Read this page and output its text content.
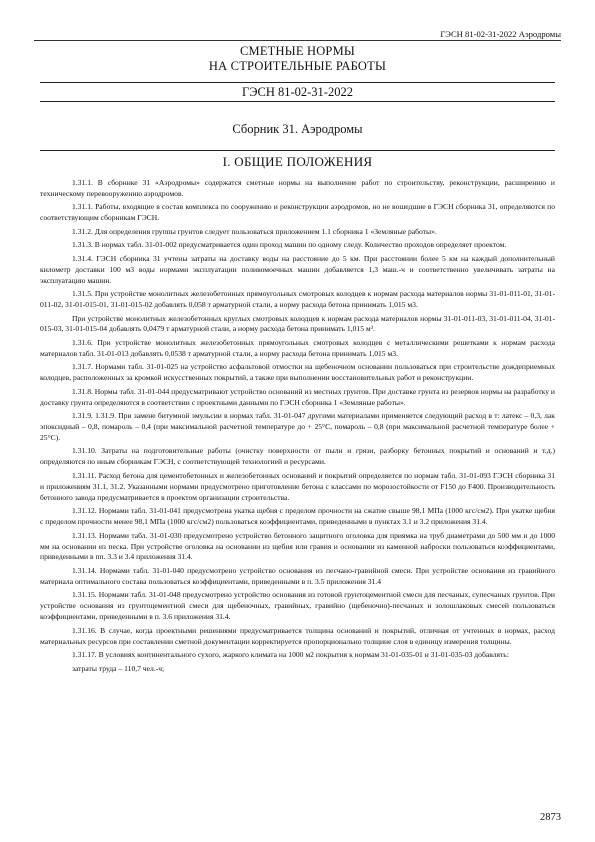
ГЭСН 81-02-31-2022 Аэродромы
СМЕТНЫЕ НОРМЫ
НА СТРОИТЕЛЬНЫЕ РАБОТЫ
ГЭСН 81-02-31-2022
Сборник 31. Аэродромы
I. ОБЩИЕ ПОЛОЖЕНИЯ

1.31.1. В сборнике 31 «Аэродромы» содержатся сметные нормы на выполнение работ по строительству, реконструкции, расширению и техническому перевооружению аэродромов.

1.31.1. Работы, входящие в состав комплекса по сооружению и реконструкции аэродромов, но не вошедшие в ГЭСН сборника 31, определяются по соответствующим сборникам ГЭСН.

1.31.2. Для определения группы грунтов следует пользоваться приложением 1.1 сборника 1 «Земляные работы».

1.31.3. В нормах табл. 31-01-002 предусматривается один проход машин по одному следу. Количество проходов определяет проектом.

1.31.4. ГЭСН сборника 31 учтены затраты на доставку воды на расстояние до 5 км. При расстоянии более 5 км на каждый дополнительный километр доставки 100 м3 воды нормами эксплуатации поливомоечных машин добавляется 1,3 маш.-ч и соответственно увеличивать затраты на эксплуатацию машин.

1.31.5. При устройстве монолитных железобетонных прямоугольных смотровых колодцев к нормам расхода материалов нормы 31-01-011-01, 31-01-011-02, 31-01-015-01, 31-01-015-02 добавлять 0,058 т арматурной стали, а норму расхода бетона принимать 1,015 м3.

При устройстве монолитных железобетонных круглых смотровых колодцев к нормам расхода материалов нормы 31-01-011-03, 31-01-011-04, 31-01-015-03, 31-01-015-04 добавлять 0,0479 т арматурной стали, а норму расхода бетона принимать 1,015 м³.

1.31.6. При устройстве монолитных железобетонных прямоугольных смотровых колодцев с металлическими решетками к нормам расхода материалов табл. 31-01-013 добавлять 0,0538 т арматурной стали, а норму расхода бетона принимать 1,015 м3.

1.31.7. Нормами табл. 31-01-025 на устройство асфальтовой отмостки на щебеночном основании пользоваться при строительстве дождеприемных колодцев, расположенных за кромкой искусственных покрытий, а также при выполнении восстановительных работ и реконструкции.

1.31.8. Нормы табл. 31-01-044 предусматривают устройство оснований из местных грунтов. При доставке грунта из резервов нормы на разработку и доставку грунта определяются в соответствии с проектными данными по ГЭСН сборника 1 «Земляные работы».

1.31.9. 1.31.9. При замене битумной эмульсии в нормах табл. 31-01-047 другими материалами применяется следующий расход в т: латекс – 0,3, лак эпоксидный – 0,8, помароль – 0,4 (при максимальной расчетной температуре до + 25°С, помароль – 0,8 (при максимальной расчетной температуре более + 25°С).

1.31.10. Затраты на подготовительные работы (очистку поверхности от пыли и грязи, разборку бетонных покрытий и оснований и т.д.) определяются по иным сборникам ГЭСН, с соответствующей технологией и ресурсами.

1.31.11. Расход бетона для цементобетонных и железобетонных оснований и покрытий определяется по нормам табл. 31-01-093 ГЭСН сборника 31 и приложениям 31.1, 31.2. Указанными нормами предусмотрено приготовление бетона с классами по морозостойкости от F150 до F400. Производительность бетонного завода предусматривается в проектом организации строительства.

1.31.12. Нормами табл. 31-01-041 предусмотрена укатка щебня с пределом прочности на сжатие свыше 98,1 МПа (1000 кгс/см2). При укатке щебня с пределом прочности менее 98,1 МПа (1000 кгс/см2) пользоваться коэффициентами, приведенными в пунктах 3.1 и 3.2 приложения 31.4.

1.31.13. Нормами табл. 31-01-030 предусмотрено устройство бетонного защитного оголовка для приямка на труб диаметрами до 500 мм и до 1000 мм на основании из песка. При устройстве оголовка на основании из щебня или гравия и основании из каменной наброски пользоваться коэффициентами, приведенными в пп. 3.3 и 3.4 приложения 31.4.

1.31.14. Нормами табл. 31-01-040 предусмотрено устройство основания из песчано-гравийной смеси. При устройстве основания из гравийного материала оптимального состава пользоваться коэффициентами, приведенными в п. 3.5 приложения 31.4

1.31.15. Нормами табл. 31-01-048 предусмотрено устройство основания из готовой грунтоцементной смеси для песчаных, супесчаных грунтов. При устройстве основания из грунтоцементной смеси для щебеночных, гравийных, гравийно (щебеночно)-песчаных и золошлаковых смесей пользоваться коэффициентами, приведенными в п. 3.6 приложения 31.4.

1.31.16. В случае, когда проектными решениями предусматривается толщина оснований и покрытий, отличная от учтенных в нормах, расход материальных ресурсов при составлении сметной документации корректируется пропорционально толщине слоя в единицу измерения толщины.

1.31.17. В условиях континентального сухого, жаркого климата на 1000 м2 покрытия к нормам 31-01-035-01 и 31-01-035-03 добавлять:

затраты труда – 110,7 чел.-ч;

2873
